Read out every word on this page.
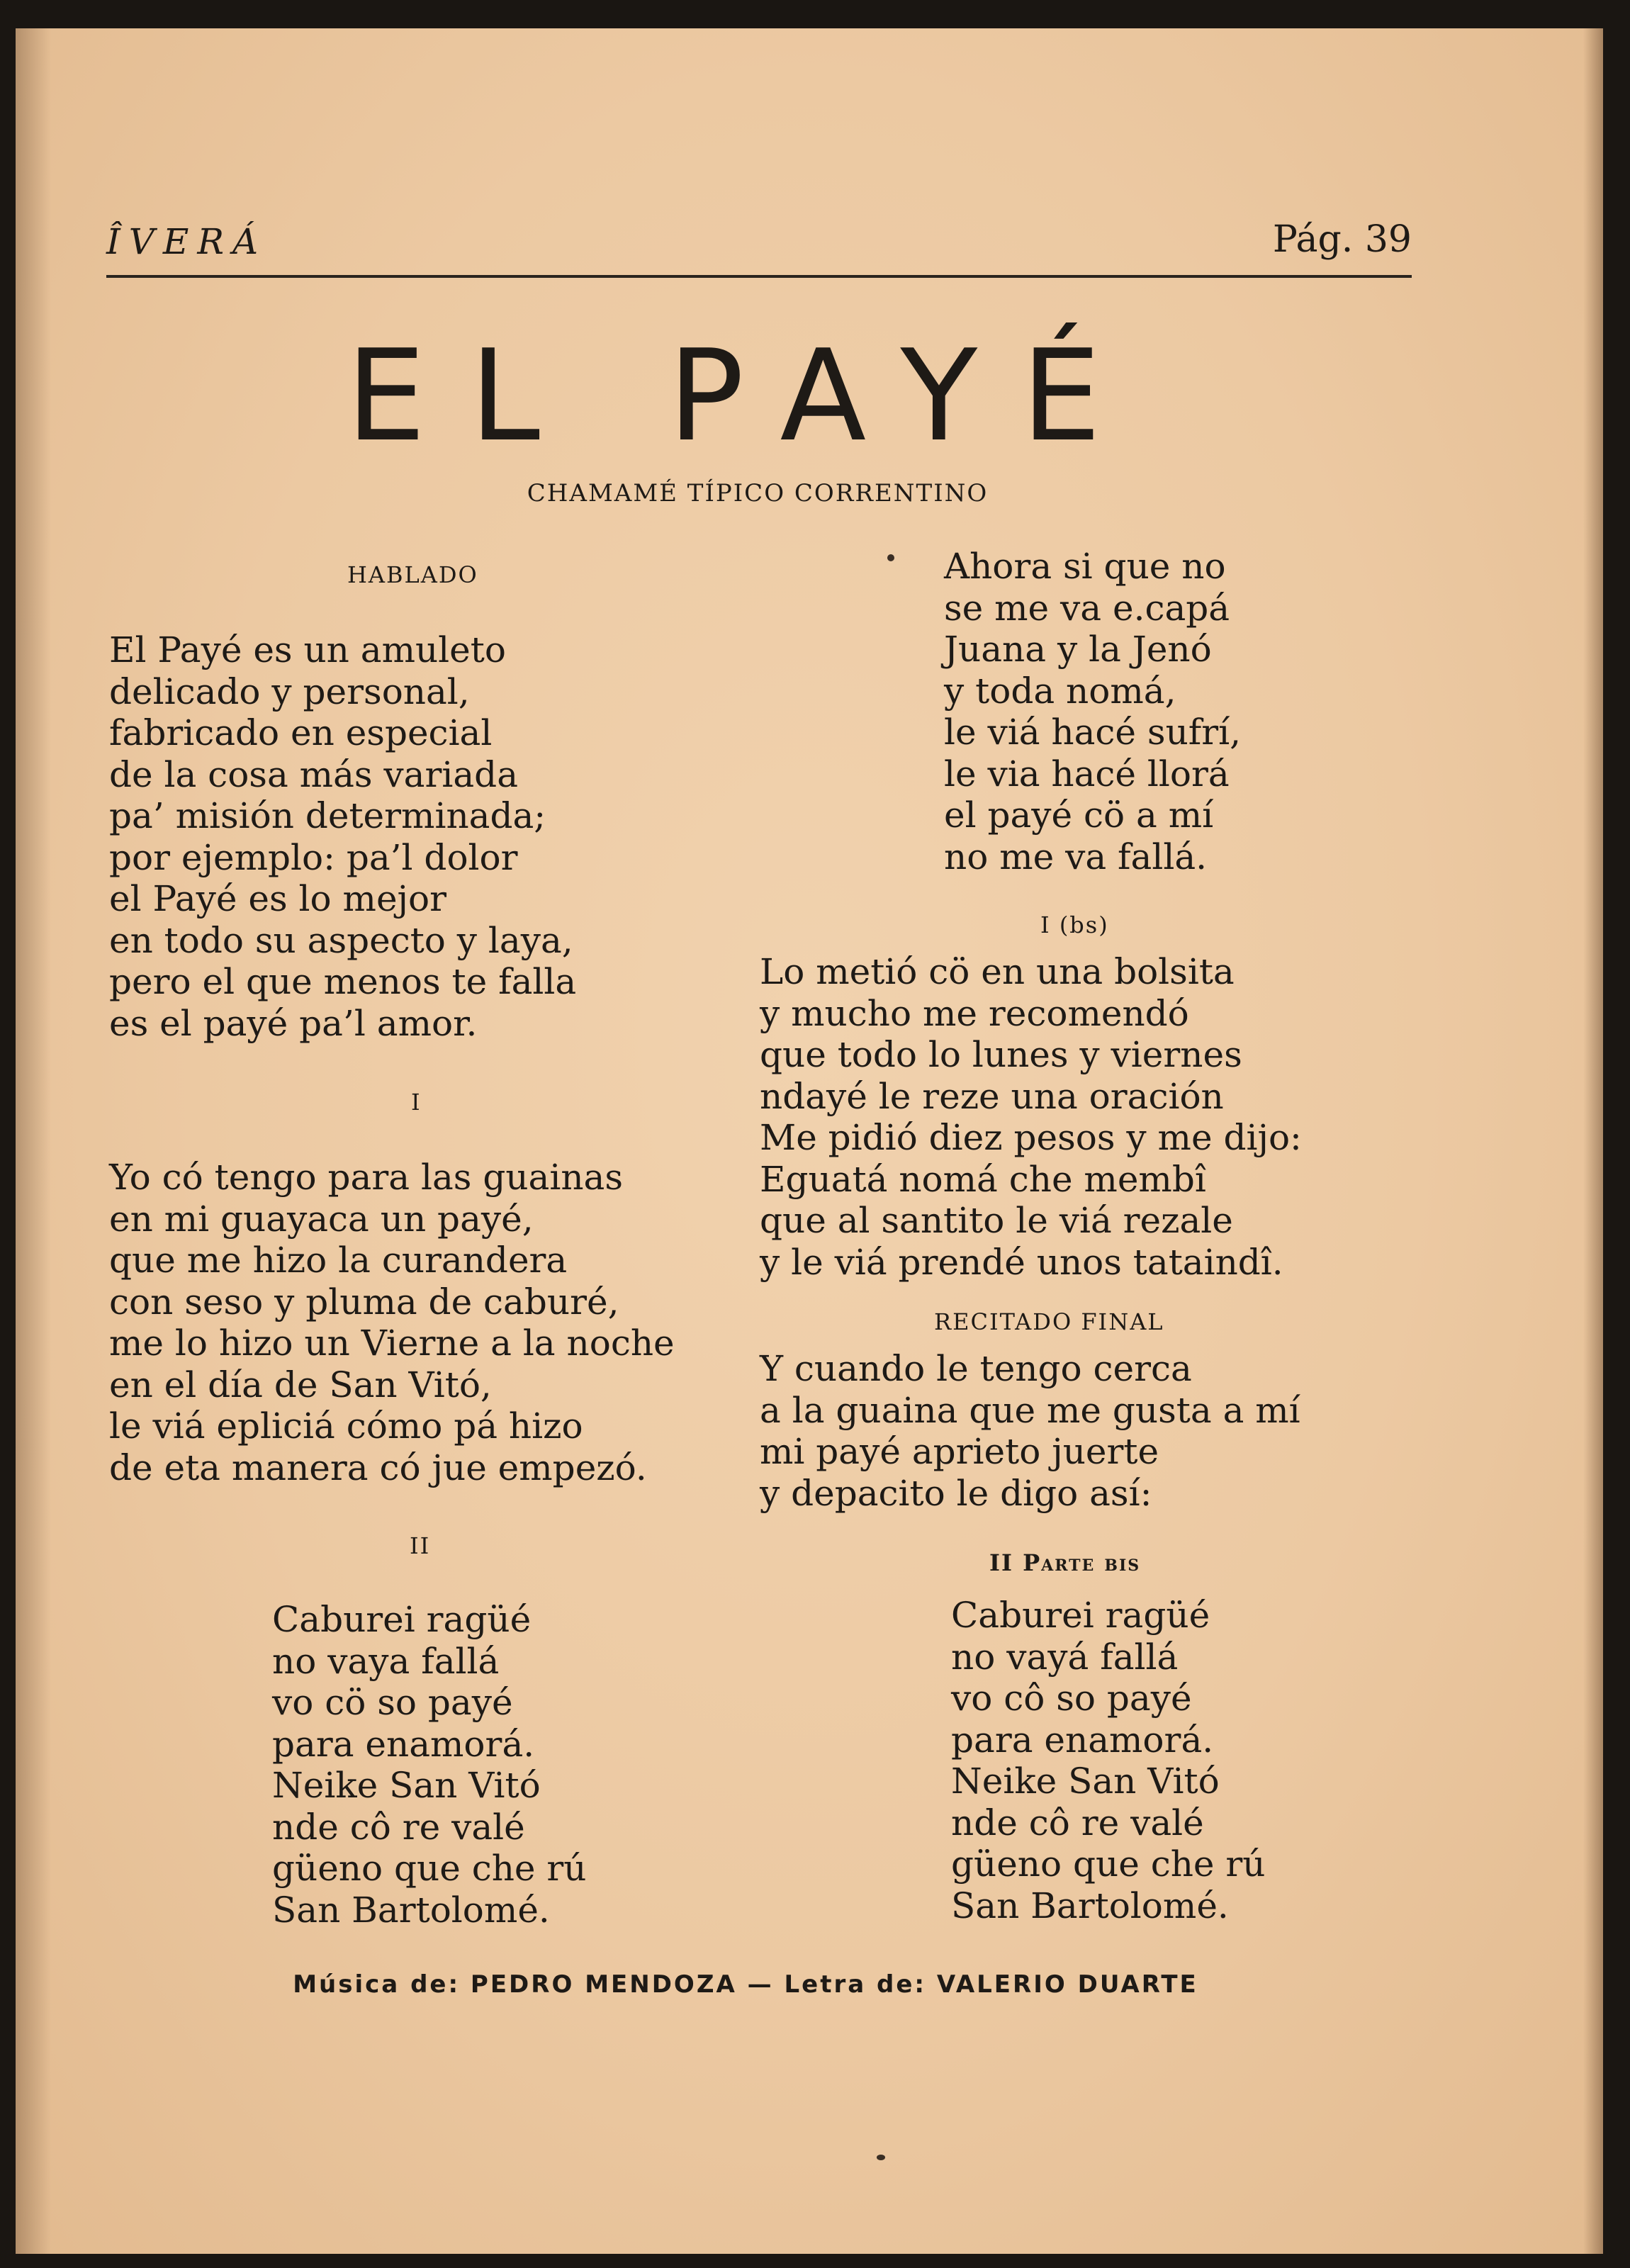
ÎVERÁ	Pág. 39
EL PAYÉ
CHAMAMÉ TÍPICO CORRENTINO
HABLADO
El Payé es un amuleto
delicado y personal,
fabricado en especial
de la cosa más variada
pa’ misión determinada;
por ejemplo: pa’l dolor
el Payé es lo mejor
en todo su aspecto y laya,
pero el que menos te falla
es el payé pa’l amor.
I
Yo có tengo para las guainas
en mi guayaca un payé,
que me hizo la curandera
con seso y pluma de caburé,
me lo hizo un Vierne a la noche
en el día de San Vitó,
le viá epliciá cómo pá hizo
de eta manera có jue empezó.
II
Caburei ragüé
no vaya fallá
vo cö so payé
para enamorá.
Neike San Vitó
nde cô re valé
güeno que che rú
San Bartolomé.
Ahora si que no
se me va e.capá
Juana y la Jenó
y toda nomá,
le viá hacé sufrí,
le via hacé llorá
el payé cö a mí
no me va fallá.
I (bs)
Lo metió cö en una bolsita
y mucho me recomendó
que todo lo lunes y viernes
ndayé le reze una oración
Me pidió diez pesos y me dijo:
Eguatá nomá che membî
que al santito le viá rezale
y le viá prendé unos tataindî.
RECITADO FINAL
Y cuando le tengo cerca
a la guaina que me gusta a mí
mi payé aprieto juerte
y depacito le digo así:
II Parte bis
Caburei ragüé
no vayá fallá
vo cô so payé
para enamorá.
Neike San Vitó
nde cô re valé
güeno que che rú
San Bartolomé.
Música de: PEDRO MENDOZA — Letra de: VALERIO DUARTE
